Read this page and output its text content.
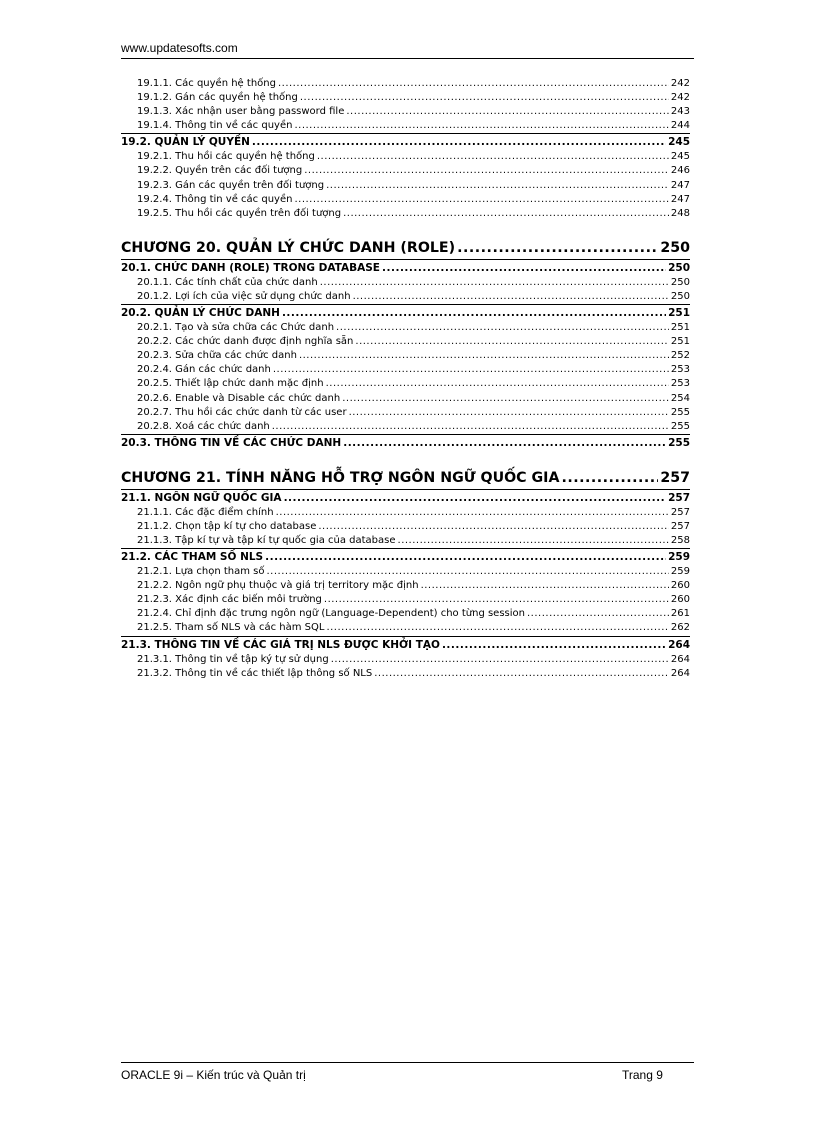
www.updatesofts.com
19.1.1. Các quyền hệ thống .....	242
19.1.2. Gán các quyền hệ thống .....	242
19.1.3. Xác nhận user bằng password file .....	243
19.1.4. Thông tin về các quyền .....	244
19.2. QUẢN LÝ QUYỀN .....	245
19.2.1. Thu hồi các quyền hệ thống .....	245
19.2.2. Quyền trên các đối tượng .....	246
19.2.3. Gán các quyền trên đối tượng .....	247
19.2.4. Thông tin về các quyền .....	247
19.2.5. Thu hồi các quyền trên đối tượng .....	248
CHƯƠNG 20. QUẢN LÝ CHỨC DANH (ROLE) .....	250
20.1. CHỨC DANH (ROLE) TRONG DATABASE .....	250
20.1.1. Các tính chất của chức danh .....	250
20.1.2. Lợi ích của việc sử dụng chức danh .....	250
20.2. QUẢN LÝ CHỨC DANH .....	251
20.2.1. Tạo và sửa chữa các Chức danh .....	251
20.2.2. Các chức danh được định nghĩa sẵn .....	251
20.2.3. Sửa chữa các chức danh .....	252
20.2.4. Gán các chức danh .....	253
20.2.5. Thiết lập chức danh mặc định .....	253
20.2.6. Enable và Disable các chức danh .....	254
20.2.7. Thu hồi các chức danh từ các user .....	255
20.2.8. Xoá các chức danh .....	255
20.3. THÔNG TIN VỀ CÁC CHỨC DANH .....	255
CHƯƠNG 21. TÍNH NĂNG HỖ TRỢ NGÔN NGỮ QUỐC GIA .....	257
21.1. NGÔN NGỮ QUỐC GIA .....	257
21.1.1. Các đặc điểm chính .....	257
21.1.2. Chọn tập kí tự cho database .....	257
21.1.3. Tập kí tự và tập kí tự quốc gia của database .....	258
21.2. CÁC THAM SỐ NLS .....	259
21.2.1. Lựa chọn tham số .....	259
21.2.2. Ngôn ngữ phụ thuộc và giá trị territory mặc định .....	260
21.2.3. Xác định các biến môi trường .....	260
21.2.4. Chỉ định đặc trưng ngôn ngữ (Language-Dependent) cho từng session .....	261
21.2.5. Tham số NLS và các hàm SQL .....	262
21.3. THÔNG TIN VỀ CÁC GIÁ TRỊ NLS ĐƯỢC KHỞI TẠO .....	264
21.3.1. Thông tin về tập ký tự sử dụng .....	264
21.3.2. Thông tin về các thiết lập thông số NLS .....	264
ORACLE 9i – Kiến trúc và Quản trị	Trang 9
